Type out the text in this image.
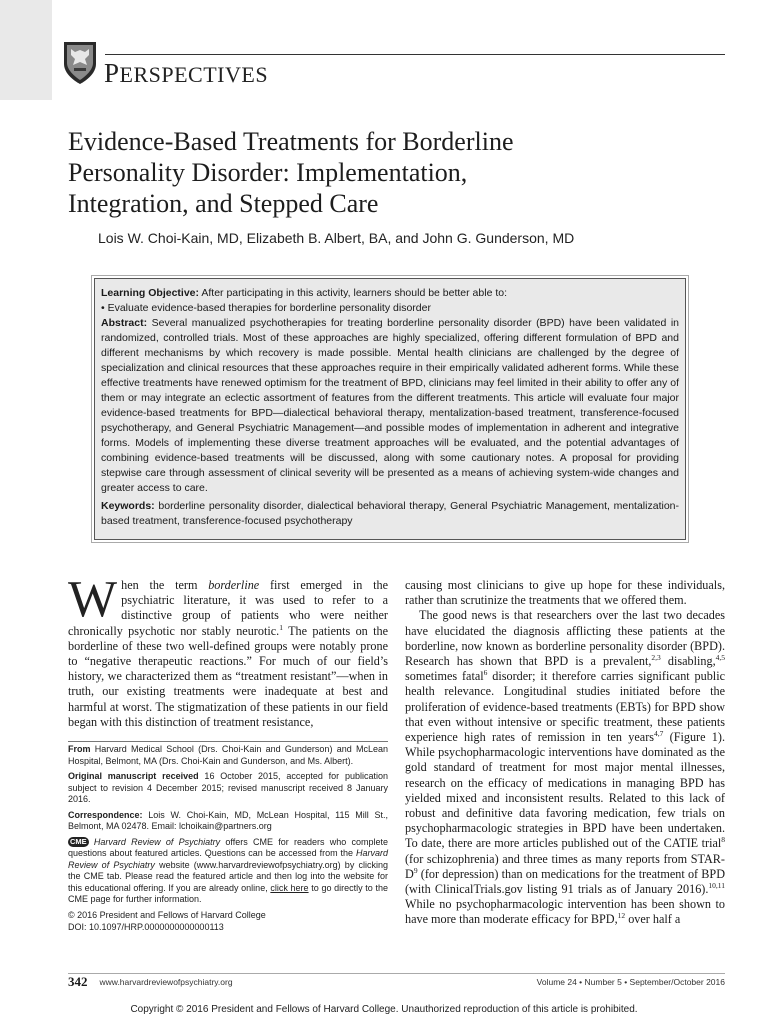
PERSPECTIVES
Evidence-Based Treatments for Borderline
Personality Disorder: Implementation,
Integration, and Stepped Care
Lois W. Choi-Kain, MD, Elizabeth B. Albert, BA, and John G. Gunderson, MD

Learning Objective: After participating in this activity, learners should be better able to:

• Evaluate evidence-based therapies for borderline personality disorder

Abstract: Several manualized psychotherapies for treating borderline personality disorder (BPD) have been validated in randomized, controlled trials. Most of these approaches are highly specialized, offering different formulation of BPD and different mechanisms by which recovery is made possible. Mental health clinicians are challenged by the degree of specialization and clinical resources that these approaches require in their empirically validated adherent forms. While these effective treatments have renewed optimism for the treatment of BPD, clinicians may feel limited in their ability to offer any of them or may integrate an eclectic assortment of features from the different treatments. This article will evaluate four major evidence-based treatments for BPD—dialectical behavioral therapy, mentalization-based treatment, transference-focused psychotherapy, and General Psychiatric Management—and possible modes of implementation in adherent and integrative forms. Models of implementing these diverse treatment approaches will be evaluated, and the potential advantages of combining evidence-based treatments will be discussed, along with some cautionary notes. A proposal for providing stepwise care through assessment of clinical severity will be presented as a means of achieving system-wide changes and greater access to care.

Keywords: borderline personality disorder, dialectical behavioral therapy, General Psychiatric Management, mentalization-based treatment, transference-focused psychotherapy

When the term borderline first emerged in the psychiatric literature, it was used to refer to a distinctive group of patients who were neither chronically psychotic nor stably neurotic.$^1$ The patients on the borderline of these two well-defined groups were notably prone to “negative therapeutic reactions.” For much of our field’s history, we characterized them as “treatment resistant”—when in truth, our existing treatments were inadequate at best and harmful at worst. The stigmatization of these patients in our field began with this distinction of treatment resistance,

From Harvard Medical School (Drs. Choi-Kain and Gunderson) and McLean Hospital, Belmont, MA (Drs. Choi-Kain and Gunderson, and Ms. Albert).

Original manuscript received 16 October 2015, accepted for publication subject to revision 4 December 2015; revised manuscript received 8 January 2016.

Correspondence: Lois W. Choi-Kain, MD, McLean Hospital, 115 Mill St., Belmont, MA 02478. Email: lchoikain@partners.org

CME Harvard Review of Psychiatry offers CME for readers who complete questions about featured articles. Questions can be accessed from the Harvard Review of Psychiatry website (www.harvardreviewofpsychiatry.org) by clicking the CME tab. Please read the featured article and then log into the website for this educational offering. If you are already online, click here to go directly to the CME page for further information.

© 2016 President and Fellows of Harvard College

DOI: 10.1097/HRP.0000000000000113

causing most clinicians to give up hope for these individuals, rather than scrutinize the treatments that we offered them.

The good news is that researchers over the last two decades have elucidated the diagnosis afflicting these patients at the borderline, now known as borderline personality disorder (BPD). Research has shown that BPD is a prevalent,$^{2,3}$ disabling,$^{4,5}$ sometimes fatal$^6$ disorder; it therefore carries significant public health relevance. Longitudinal studies initiated before the proliferation of evidence-based treatments (EBTs) for BPD show that even without intensive or specific treatment, these patients experience high rates of remission in ten years$^{4,7}$ (Figure 1). While psychopharmacologic interventions have dominated as the gold standard of treatment for most major mental illnesses, research on the efficacy of medications in managing BPD has yielded mixed and inconsistent results. Related to this lack of robust and definitive data favoring medication, few trials on psychopharmacologic strategies in BPD have been undertaken. To date, there are more articles published out of the CATIE trial$^8$ (for schizophrenia) and three times as many reports from STAR-$D^9$ (for depression) than on medications for the treatment of BPD (with ClinicalTrials.gov listing 91 trials as of January 2016).$^{10,11}$ While no psychopharmacologic intervention has been shown to have more than moderate efficacy for BPD,$^{12}$ over half a

342 www.harvardreviewofpsychiatry.org	Volume 24 • Number 5 • September/October 2016
Copyright © 2016 President and Fellows of Harvard College. Unauthorized reproduction of this article is prohibited.
